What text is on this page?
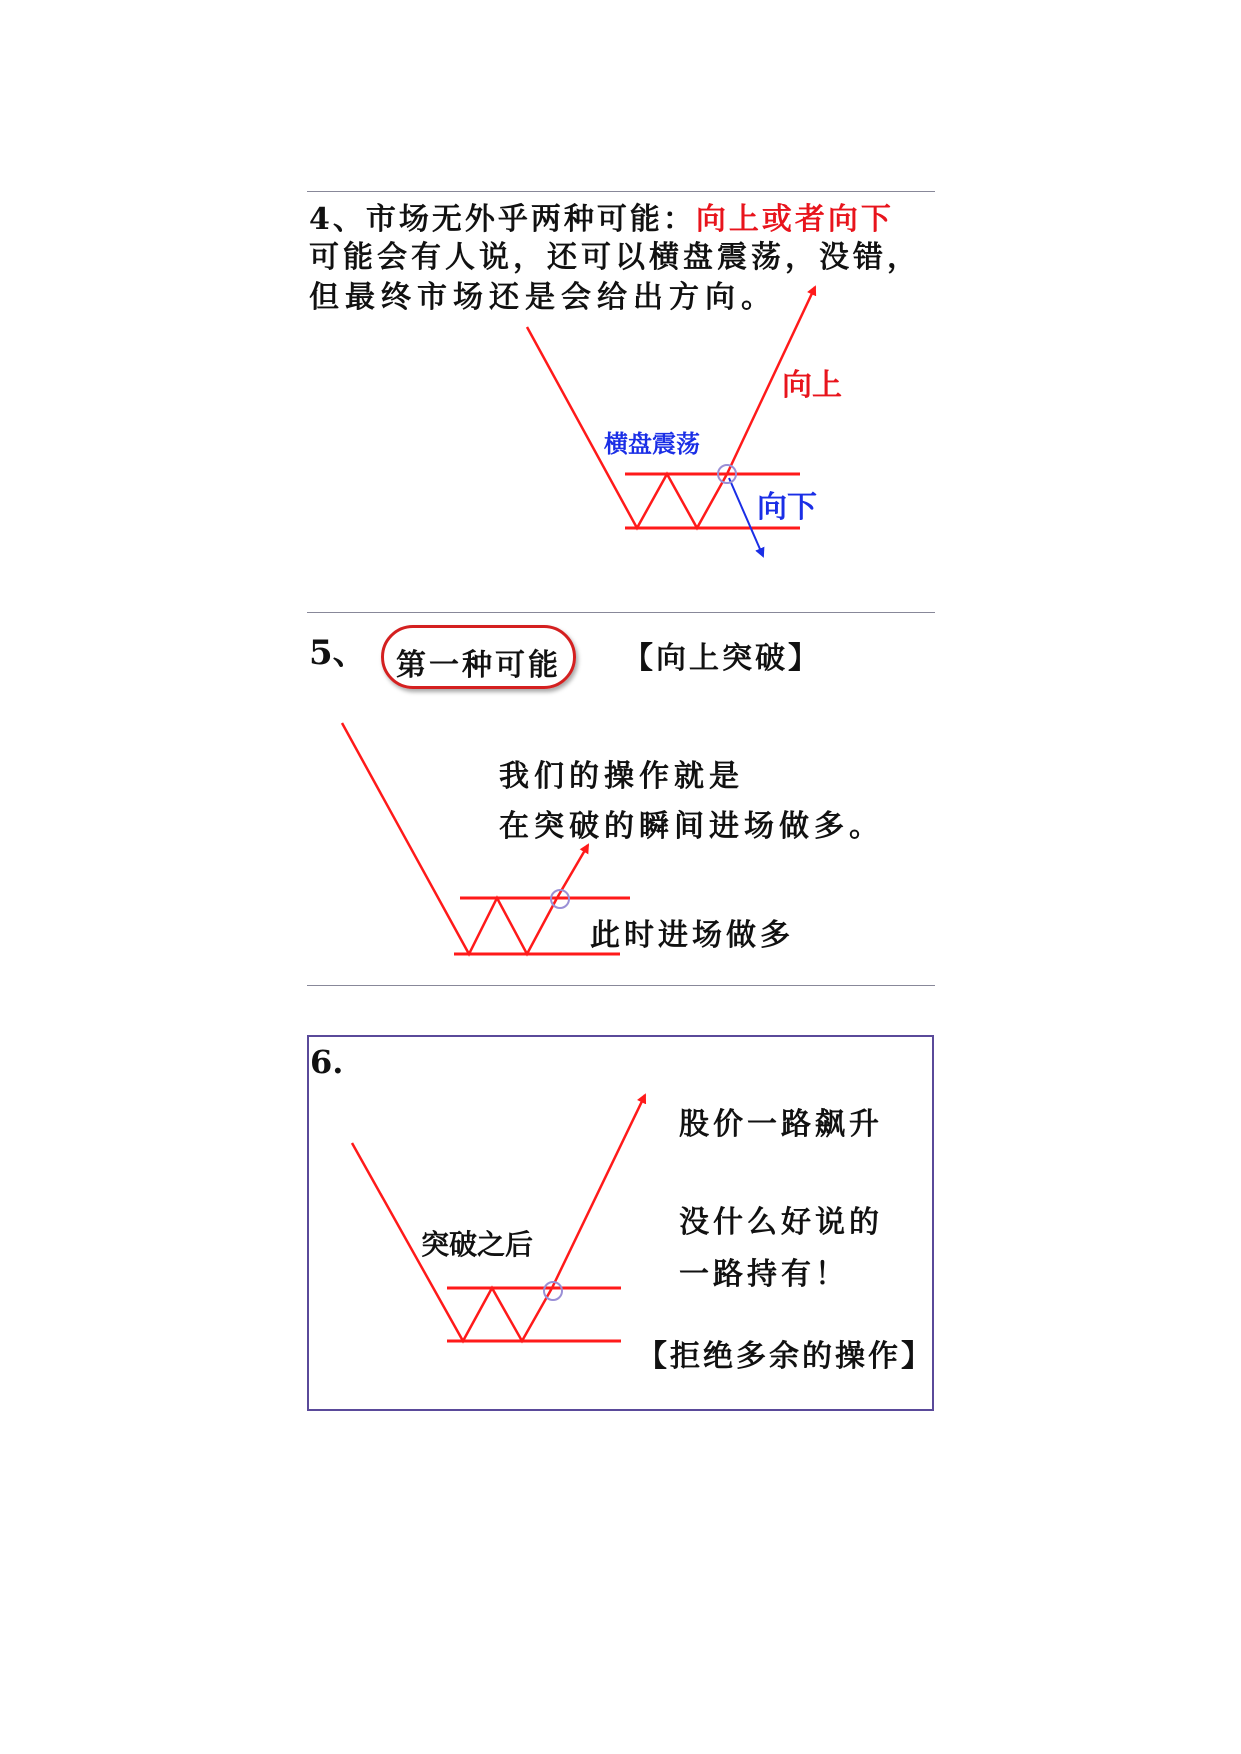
4、市场无外乎两种可能：向上或者向下
可能会有人说，还可以横盘震荡，没错，
但最终市场还是会给出方向。
向上
横盘震荡
向下
5、 第一种可能 【向上突破】
我们的操作就是
在突破的瞬间进场做多。
此时进场做多
6.
股价一路飙升
突破之后
没什么好说的
一路持有！
【拒绝多余的操作】
